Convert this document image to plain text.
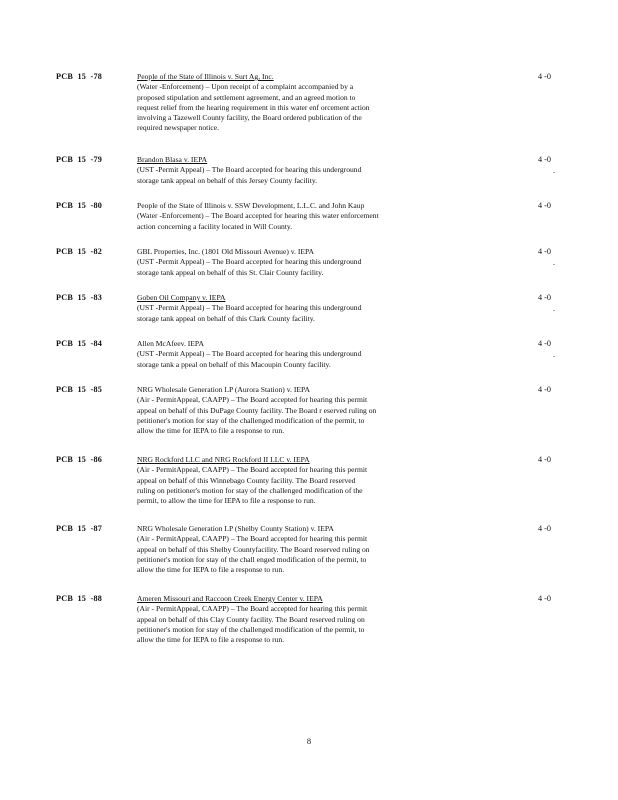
PCB  15  -78	People of the State of Illinois v. Surt Ag, Inc.
(Water -Enforcement) – Upon receipt of a complaint accompanied by a
proposed stipulation and settlement agreement, and an agreed motion to
request relief from the hearing requirement in this water enf orcement action
involving a Tazewell County facility, the Board ordered publication of the
required newspaper notice.
4 -0
PCB  15  -79	Brandon Blasa v. IEPA
(UST -Permit Appeal) – The Board accepted for hearing this underground
storage tank appeal on behalf of this Jersey County facility.
4 -0
.
PCB  15  -80	People of the State of Illinois v. SSW Development, L.L.C. and John Kaup
(Water -Enforcement) – The Board accepted for hearing this water enforcement
action concerning a facility located in Will County.
4 -0
PCB  15  -82	GBL Properties, Inc. (1801 Old Missouri Avenue) v. IEPA
(UST -Permit Appeal) – The Board accepted for hearing this underground
storage tank appeal on behalf of this St. Clair County facility.
4 -0
.
PCB  15  -83	Goben Oil Company v. IEPA
(UST -Permit Appeal) – The Board accepted for hearing this underground
storage tank appeal on behalf of this Clark County facility.
4 -0
.
PCB  15  -84	Allen McAfeev. IEPA
(UST -Permit Appeal) – The Board accepted for hearing this underground
storage tank a ppeal on behalf of this Macoupin County facility.
4 -0
.
PCB  15  -85	NRG Wholesale Generation LP (Aurora Station) v. IEPA
(Air - PermitAppeal, CAAPP) – The Board accepted for hearing this permit
appeal on behalf of this DuPage County facility. The Board r eserved ruling on
petitioner's motion for stay of the challenged modification of the permit, to
allow the time for IEPA to file a response to run.
4 -0
PCB  15  -86	NRG Rockford LLC and NRG Rockford II LLC v. IEPA
(Air - PermitAppeal, CAAPP) – The Board accepted for hearing this permit
appeal on behalf of this Winnebago County facility. The Board reserved
ruling on petitioner's motion for stay of the challenged modification of the
permit, to allow the time for IEPA to file a response to run.
4 -0
PCB  15  -87	NRG Wholesale Generation LP (Shelby County Station) v. IEPA
(Air - PermitAppeal, CAAPP) – The Board accepted for hearing this permit
appeal on behalf of this Shelby Countyfacility. The Board reserved ruling on
petitioner's motion for stay of the chall enged modification of the permit, to
allow the time for IEPA to file a response to run.
4 -0
PCB  15  -88	Ameren Missouri and Raccoon Creek Energy Center v. IEPA
(Air - PermitAppeal, CAAPP) – The Board accepted for hearing this permit
appeal on behalf of this Clay County facility. The Board reserved ruling on
petitioner's motion for stay of the challenged modification of the permit, to
allow the time for IEPA to file a response to run.
4 -0
8
